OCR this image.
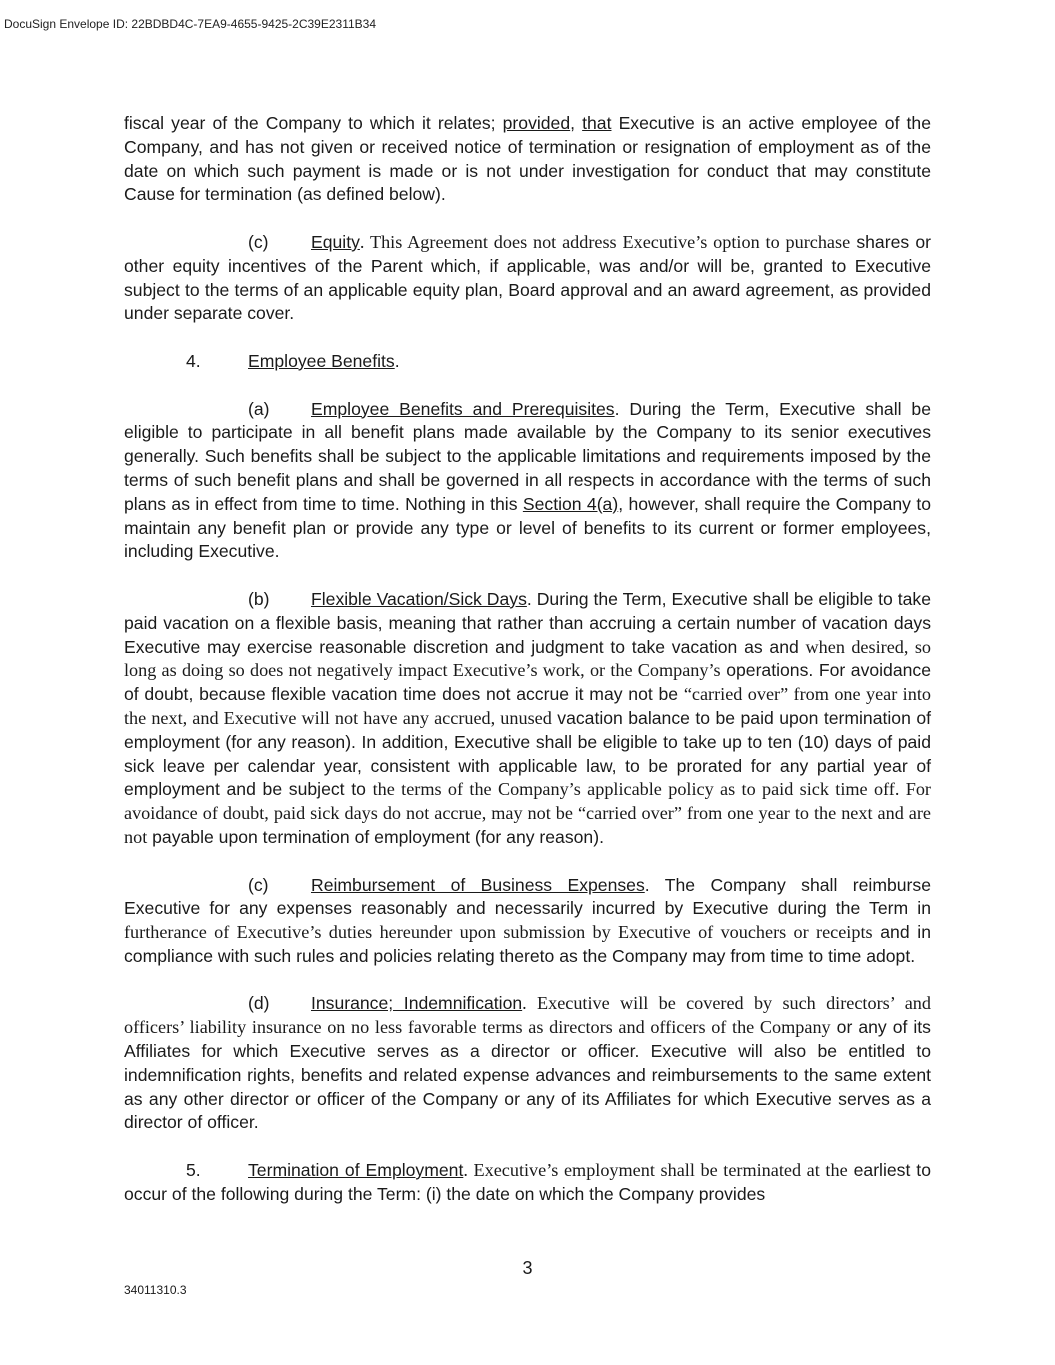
DocuSign Envelope ID: 22BDBD4C-7EA9-4655-9425-2C39E2311B34

fiscal year of the Company to which it relates; provided, that Executive is an active employee of the Company, and has not given or received notice of termination or resignation of employment as of the date on which such payment is made or is not under investigation for conduct that may constitute Cause for termination (as defined below).

(c) Equity. This Agreement does not address Executive’s option to purchase shares or other equity incentives of the Parent which, if applicable, was and/or will be, granted to Executive subject to the terms of an applicable equity plan, Board approval and an award agreement, as provided under separate cover.

4.	Employee Benefits.

(a) Employee Benefits and Prerequisites. During the Term, Executive shall be eligible to participate in all benefit plans made available by the Company to its senior executives generally. Such benefits shall be subject to the applicable limitations and requirements imposed by the terms of such benefit plans and shall be governed in all respects in accordance with the terms of such plans as in effect from time to time. Nothing in this Section 4(a), however, shall require the Company to maintain any benefit plan or provide any type or level of benefits to its current or former employees, including Executive.

(b) Flexible Vacation/Sick Days. During the Term, Executive shall be eligible to take paid vacation on a flexible basis, meaning that rather than accruing a certain number of vacation days Executive may exercise reasonable discretion and judgment to take vacation as and when desired, so long as doing so does not negatively impact Executive’s work, or the Company’s operations. For avoidance of doubt, because flexible vacation time does not accrue it may not be “carried over” from one year into the next, and Executive will not have any accrued, unused vacation balance to be paid upon termination of employment (for any reason). In addition, Executive shall be eligible to take up to ten (10) days of paid sick leave per calendar year, consistent with applicable law, to be prorated for any partial year of employment and be subject to the terms of the Company’s applicable policy as to paid sick time off. For avoidance of doubt, paid sick days do not accrue, may not be “carried over” from one year to the next and are not payable upon termination of employment (for any reason).

(c) Reimbursement of Business Expenses. The Company shall reimburse Executive for any expenses reasonably and necessarily incurred by Executive during the Term in furtherance of Executive’s duties hereunder upon submission by Executive of vouchers or receipts and in compliance with such rules and policies relating thereto as the Company may from time to time adopt.

(d) Insurance; Indemnification. Executive will be covered by such directors’ and officers’ liability insurance on no less favorable terms as directors and officers of the Company or any of its Affiliates for which Executive serves as a director or officer. Executive will also be entitled to indemnification rights, benefits and related expense advances and reimbursements to the same extent as any other director or officer of the Company or any of its Affiliates for which Executive serves as a director of officer.

5.	Termination of Employment. Executive’s employment shall be terminated at the earliest to occur of the following during the Term: (i) the date on which the Company provides

3
34011310.3
